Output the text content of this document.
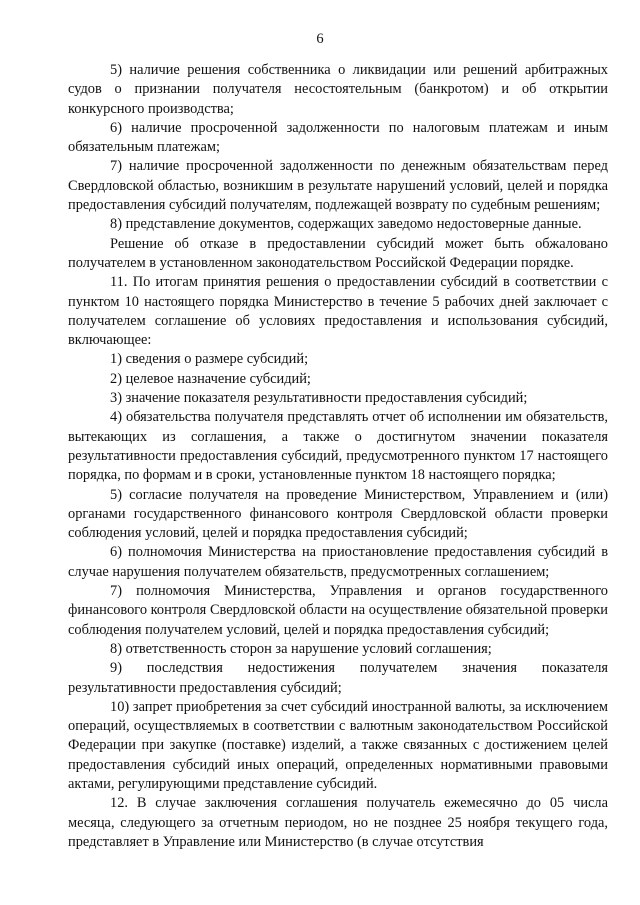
6

5) наличие решения собственника о ликвидации или решений арбитражных судов о признании получателя несостоятельным (банкротом) и об открытии конкурсного производства;

6) наличие просроченной задолженности по налоговым платежам и иным обязательным платежам;

7) наличие просроченной задолженности по денежным обязательствам перед Свердловской областью, возникшим в результате нарушений условий, целей и порядка предоставления субсидий получателям, подлежащей возврату по судебным решениям;

8) представление документов, содержащих заведомо недостоверные данные.

Решение об отказе в предоставлении субсидий может быть обжаловано получателем в установленном законодательством Российской Федерации порядке.

11. По итогам принятия решения о предоставлении субсидий в соответствии с пунктом 10 настоящего порядка Министерство в течение 5 рабочих дней заключает с получателем соглашение об условиях предоставления и использования субсидий, включающее:

1) сведения о размере субсидий;

2) целевое назначение субсидий;

3) значение показателя результативности предоставления субсидий;

4) обязательства получателя представлять отчет об исполнении им обязательств, вытекающих из соглашения, а также о достигнутом значении показателя результативности предоставления субсидий, предусмотренного пунктом 17 настоящего порядка, по формам и в сроки, установленные пунктом 18 настоящего порядка;

5) согласие получателя на проведение Министерством, Управлением и (или) органами государственного финансового контроля Свердловской области проверки соблюдения условий, целей и порядка предоставления субсидий;

6) полномочия Министерства на приостановление предоставления субсидий в случае нарушения получателем обязательств, предусмотренных соглашением;

7) полномочия Министерства, Управления и органов государственного финансового контроля Свердловской области на осуществление обязательной проверки соблюдения получателем условий, целей и порядка предоставления субсидий;

8) ответственность сторон за нарушение условий соглашения;

9) последствия недостижения получателем значения показателя результативности предоставления субсидий;

10) запрет приобретения за счет субсидий иностранной валюты, за исключением операций, осуществляемых в соответствии с валютным законодательством Российской Федерации при закупке (поставке) изделий, а также связанных с достижением целей предоставления субсидий иных операций, определенных нормативными правовыми актами, регулирующими представление субсидий.

12. В случае заключения соглашения получатель ежемесячно до 05 числа месяца, следующего за отчетным периодом, но не позднее 25 ноября текущего года, представляет в Управление или Министерство (в случае отсутствия
